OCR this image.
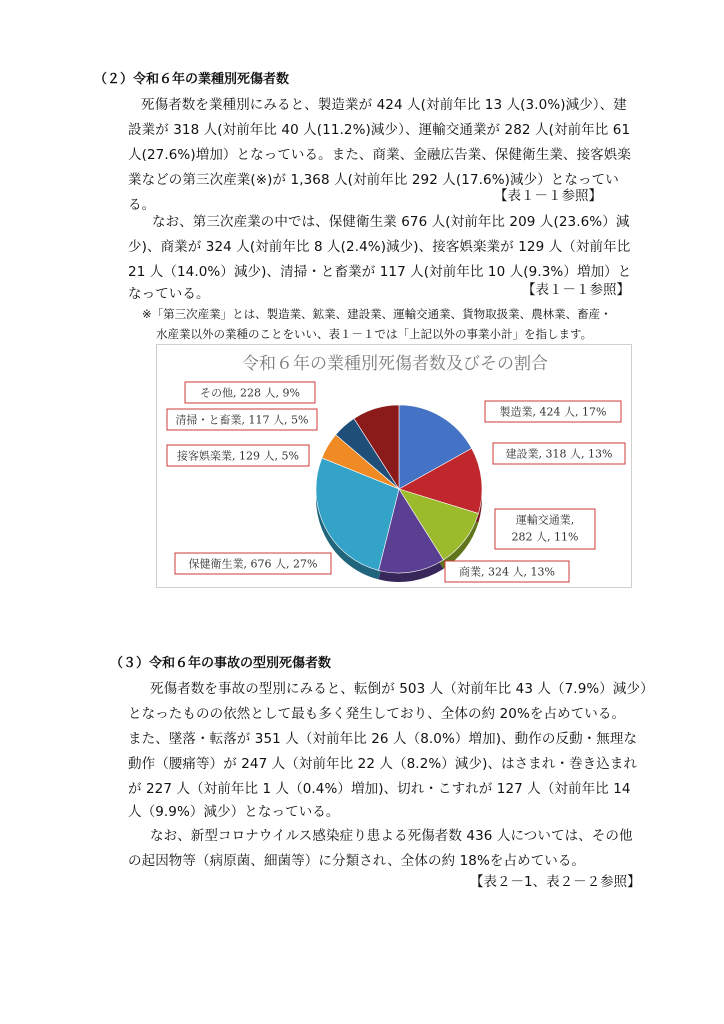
（２）令和６年の業種別死傷者数

死傷者数を業種別にみると、製造業が 424 人(対前年比 13 人(3.0%)減少）、建

設業が 318 人(対前年比 40 人(11.2%)減少）、運輸交通業が 282 人(対前年比 61

人(27.6%)増加）となっている。また、商業、金融広告業、保健衛生業、接客娯楽

業などの第三次産業(※)が 1,368 人(対前年比 292 人(17.6%)減少）となってい

る。

【表１－１参照】

なお、第三次産業の中では、保健衛生業 676 人(対前年比 209 人(23.6%）減

少)、商業が 324 人(対前年比 8 人(2.4%)減少)、接客娯楽業が 129 人（対前年比

21 人（14.0%）減少)、清掃・と畜業が 117 人(対前年比 10 人(9.3%）増加）と

なっている。	【表１－１参照】

※「第三次産業」とは、製造業、鉱業、建設業、運輸交通業、貨物取扱業、農林業、畜産・

水産業以外の業種のことをいい、表１－１では「上記以外の事業小計」を指します。

令和６年の業種別死傷者数及びその割合
製造業, 424 人, 17%
建設業, 318 人, 13%
運輸交通業,
282 人, 11%
商業, 324 人, 13%
保健衛生業, 676 人, 27%
接客娯楽業, 129 人, 5%
清掃・と畜業, 117 人, 5%
その他, 228 人, 9%

（３）令和６年の事故の型別死傷者数

死傷者数を事故の型別にみると、転倒が 503 人（対前年比 43 人（7.9%）減少）

となったものの依然として最も多く発生しており、全体の約 20%を占めている。

また、墜落・転落が 351 人（対前年比 26 人（8.0%）増加)、動作の反動・無理な

動作（腰痛等）が 247 人（対前年比 22 人（8.2%）減少)、はさまれ・巻き込まれ

が 227 人（対前年比 1 人（0.4%）増加)、切れ・こすれが 127 人（対前年比 14

人（9.9%）減少）となっている。

なお、新型コロナウイルス感染症り患よる死傷者数 436 人については、その他

の起因物等（病原菌、細菌等）に分類され、全体の約 18%を占めている。

【表２－1、表２－２参照】
